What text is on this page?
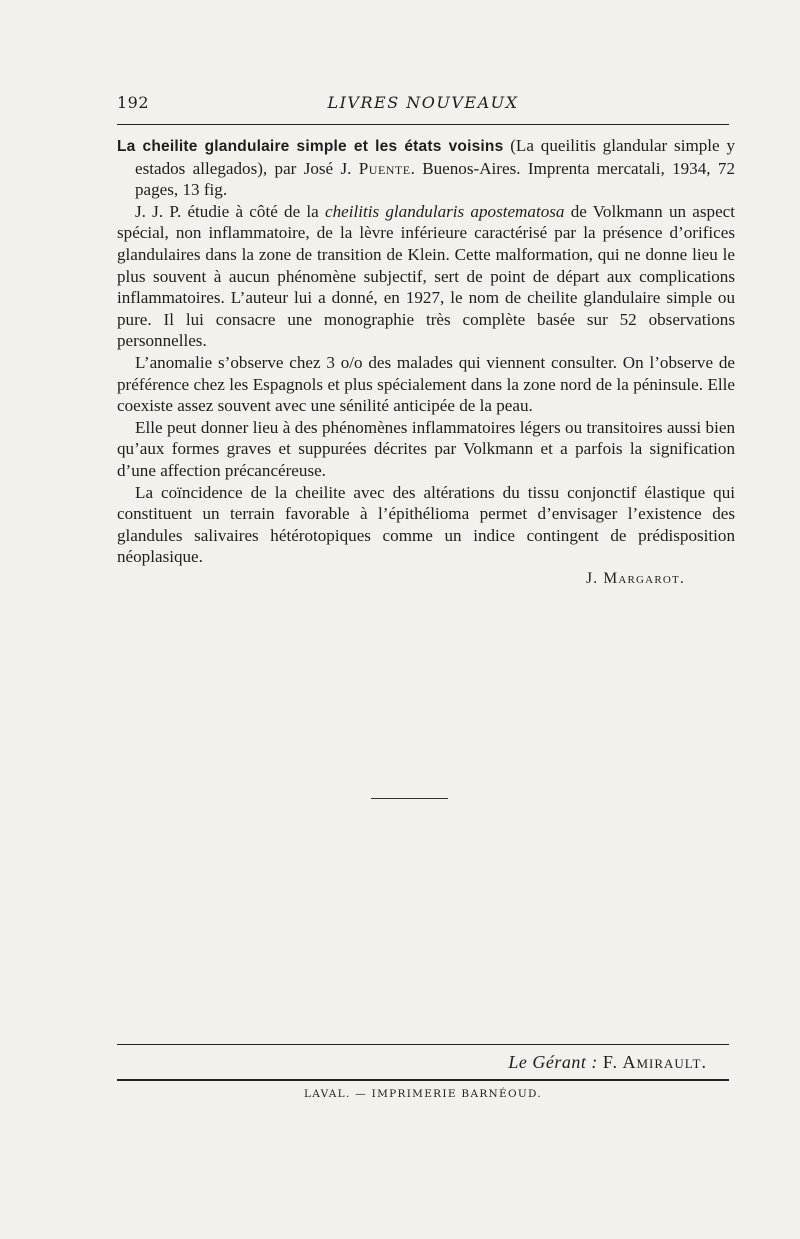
192	LIVRES NOUVEAUX

La cheilite glandulaire simple et les états voisins (La queilitis glandular simple y estados allegados), par José J. Puente. Buenos-Aires. Imprenta mercatali, 1934, 72 pages, 13 fig.

J. J. P. étudie à côté de la cheilitis glandularis apostematosa de Volkmann un aspect spécial, non inflammatoire, de la lèvre inférieure caractérisé par la présence d’orifices glandulaires dans la zone de transition de Klein. Cette malformation, qui ne donne lieu le plus souvent à aucun phénomène subjectif, sert de point de départ aux complications inflammatoires. L’auteur lui a donné, en 1927, le nom de cheilite glandulaire simple ou pure. Il lui consacre une monographie très complète basée sur 52 observations personnelles.

L’anomalie s’observe chez 3 o/o des malades qui viennent consulter. On l’observe de préférence chez les Espagnols et plus spécialement dans la zone nord de la péninsule. Elle coexiste assez souvent avec une sénilité anticipée de la peau.

Elle peut donner lieu à des phénomènes inflammatoires légers ou transitoires aussi bien qu’aux formes graves et suppurées décrites par Volkmann et a parfois la signification d’une affection précancéreuse.

La coïncidence de la cheilite avec des altérations du tissu conjonctif élastique qui constituent un terrain favorable à l’épithélioma permet d’envisager l’existence des glandules salivaires hétérotopiques comme un indice contingent de prédisposition néoplasique.

J. Margarot.
Le Gérant : F. Amirault.
LAVAL. — IMPRIMERIE BARNÉOUD.
